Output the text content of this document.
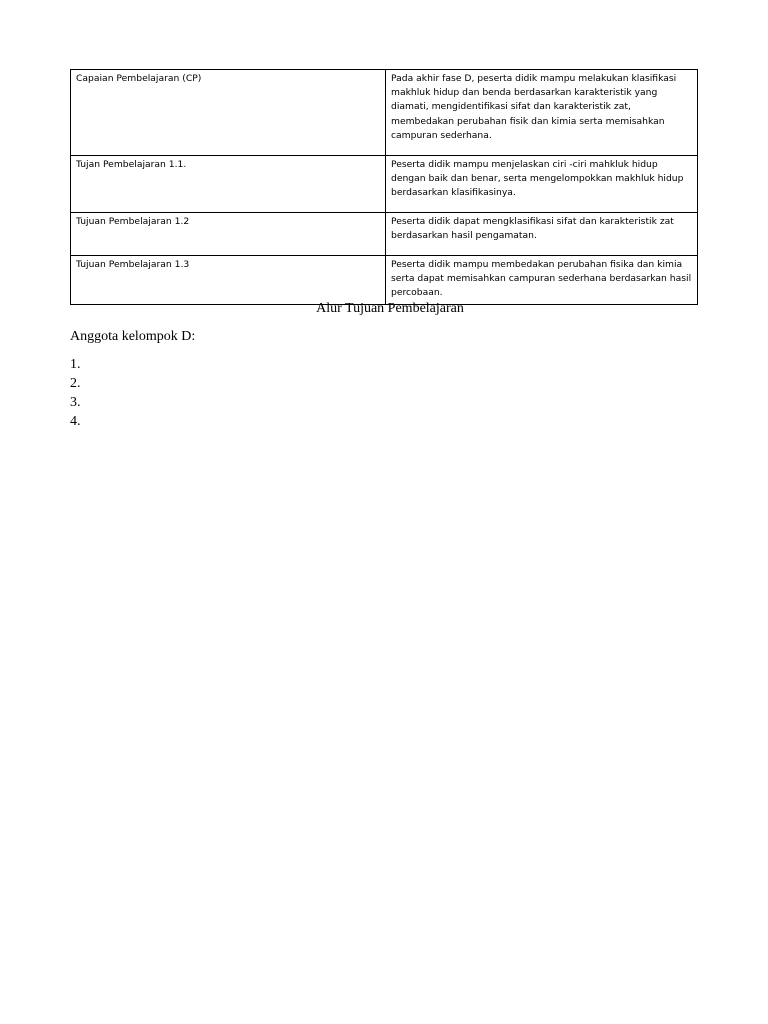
Capaian Pembelajaran (CP)	Pada akhir fase D, peserta didik mampu melakukan klasifikasi makhluk hidup dan benda berdasarkan karakteristik yang diamati, mengidentifikasi sifat dan karakteristik zat, membedakan perubahan fisik dan kimia serta memisahkan campuran sederhana.
Tujan Pembelajaran 1.1.	Peserta didik mampu menjelaskan ciri -ciri mahkluk hidup dengan baik dan benar, serta mengelompokkan makhluk hidup berdasarkan klasifikasinya.
Tujuan Pembelajaran 1.2	Peserta didik dapat mengklasifikasi sifat dan karakteristik zat berdasarkan hasil pengamatan.
Tujuan Pembelajaran 1.3	Peserta didik mampu membedakan perubahan fisika dan kimia serta dapat memisahkan campuran sederhana berdasarkan hasil percobaan.
Alur Tujuan Pembelajaran
Anggota kelompok D:
1.
2.
3.
4.
